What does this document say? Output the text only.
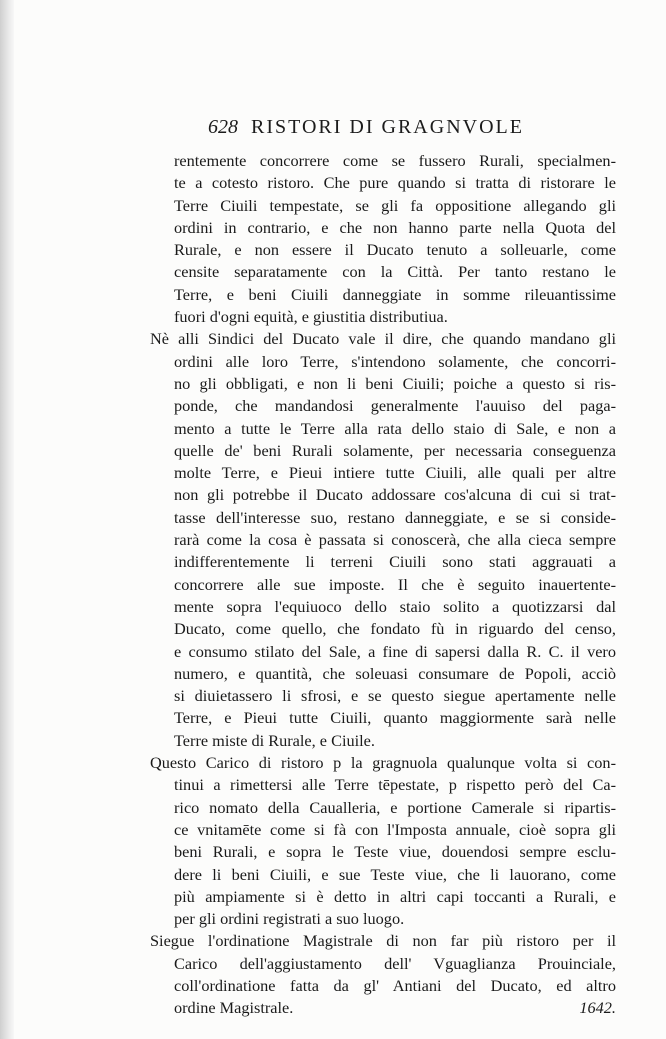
628 RISTORI DI GRAGNVOLE
rentemente concorrere come se fussero Rurali, specialmen-
te a cotesto ristoro. Che pure quando si tratta di ristorare le
Terre Ciuili tempestate, se gli fa oppositione allegando gli
ordini in contrario, e che non hanno parte nella Quota del
Rurale, e non essere il Ducato tenuto a solleuarle, come
censite separatamente con la Città. Per tanto restano le
Terre, e beni Ciuili danneggiate in somme rileuantissime
fuori d'ogni equità, e giustitia distributiua.
Nè alli Sindici del Ducato vale il dire, che quando mandano gli
ordini alle loro Terre, s'intendono solamente, che concorri-
no gli obbligati, e non li beni Ciuili; poiche a questo si ris-
ponde, che mandandosi generalmente l'auuiso del paga-
mento a tutte le Terre alla rata dello staio di Sale, e non a
quelle de' beni Rurali solamente, per necessaria conseguenza
molte Terre, e Pieui intiere tutte Ciuili, alle quali per altre
non gli potrebbe il Ducato addossare cos'alcuna di cui si trat-
tasse dell'interesse suo, restano danneggiate, e se si conside-
rarà come la cosa è passata si conoscerà, che alla cieca sempre
indifferentemente li terreni Ciuili sono stati aggrauati a
concorrere alle sue imposte. Il che è seguito inauertente-
mente sopra l'equiuoco dello staio solito a quotizzarsi dal
Ducato, come quello, che fondato fù in riguardo del censo,
e consumo stilato del Sale, a fine di sapersi dalla R. C. il vero
numero, e quantità, che soleuasi consumare de Popoli, acciò
si diuietassero li sfrosi, e se questo siegue apertamente nelle
Terre, e Pieui tutte Ciuili, quanto maggiormente sarà nelle
Terre miste di Rurale, e Ciuile.
Questo Carico di ristoro p la gragnuola qualunque volta si con-
tinui a rimettersi alle Terre tēpestate, p rispetto però del Ca-
rico nomato della Caualleria, e portione Camerale si ripartis-
ce vnitamēte come si fà con l'Imposta annuale, cioè sopra gli
beni Rurali, e sopra le Teste viue, douendosi sempre esclu-
dere li beni Ciuili, e sue Teste viue, che li lauorano, come
più ampiamente si è detto in altri capi toccanti a Rurali, e
per gli ordini registrati a suo luogo.
Siegue l'ordinatione Magistrale di non far più ristoro per il
Carico dell'aggiustamento dell' Vguaglianza Prouinciale,
coll'ordinatione fatta da gl' Antiani del Ducato, ed altro
ordine Magistrale.	1642.
